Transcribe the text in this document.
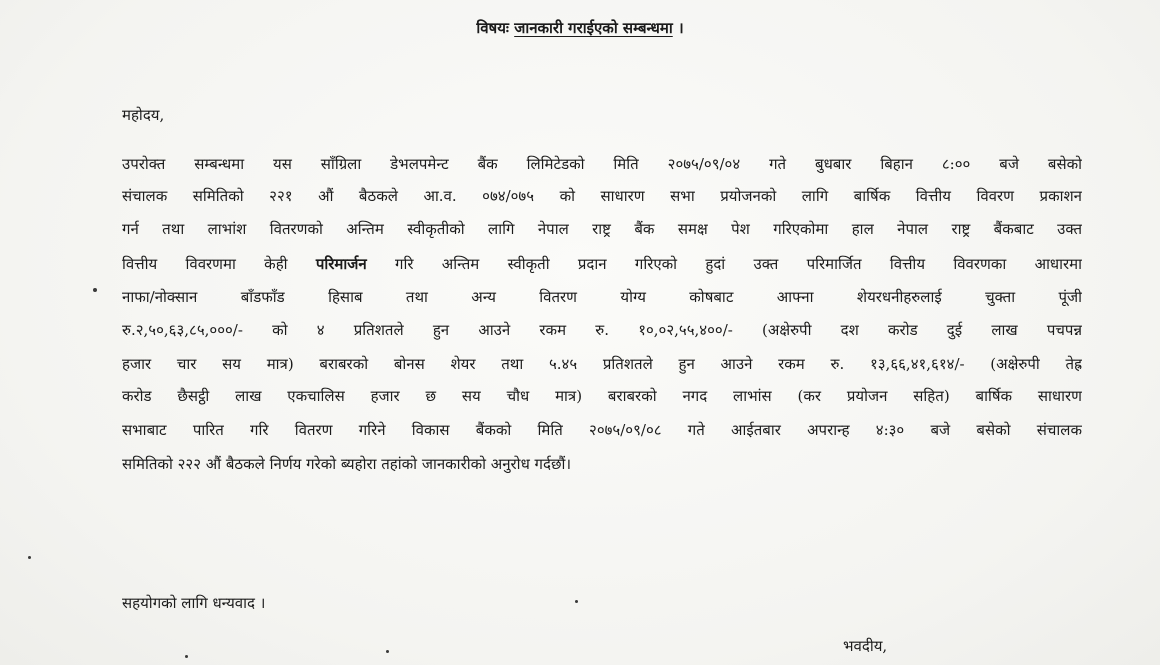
विषयः जानकारी गराईएको सम्बन्धमा ।
महोदय,
उपरोक्त सम्बन्धमा यस साँग्रिला डेभलपमेन्ट बैंक लिमिटेडको मिति २०७५/०९/०४ गते बुधबार बिहान ८:०० बजे बसेको
संचालक समितिको २२१ औं बैठकले आ.व. ०७४/०७५ को साधारण सभा प्रयोजनको लागि बार्षिक वित्तीय विवरण प्रकाशन
गर्न तथा लाभांश वितरणको अन्तिम स्वीकृतीको लागि नेपाल राष्ट्र बैंक समक्ष पेश गरिएकोमा हाल नेपाल राष्ट्र बैंकबाट उक्त
वित्तीय विवरणमा केही परिमार्जन गरि अन्तिम स्वीकृती प्रदान गरिएको हुदां उक्त परिमार्जित वित्तीय विवरणका आधारमा
नाफा/नोक्सान बाँडफाँड हिसाब तथा अन्य वितरण योग्य कोषबाट आफ्ना शेयरधनीहरुलाई चुक्ता पूंजी
रु.२,५०,६३,८५,०००/- को ४ प्रतिशतले हुन आउने रकम रु. १०,०२,५५,४००/- (अक्षेरुपी दश करोड दुई लाख पचपन्न
हजार चार सय मात्र) बराबरको बोनस शेयर तथा ५.४५ प्रतिशतले हुन आउने रकम रु. १३,६६,४१,६१४/- (अक्षेरुपी तेह्र
करोड छैसट्ठी लाख एकचालिस हजार छ सय चौध मात्र) बराबरको नगद लाभांस (कर प्रयोजन सहित) बार्षिक साधारण
सभाबाट पारित गरि वितरण गरिने विकास बैंकको मिति २०७५/०९/०८ गते आईतबार अपरान्ह ४:३० बजे बसेको संचालक
समितिको २२२ औं बैठकले निर्णय गरेको ब्यहोरा तहांको जानकारीको अनुरोध गर्दछौं।
सहयोगको लागि धन्यवाद ।
भवदीय,
